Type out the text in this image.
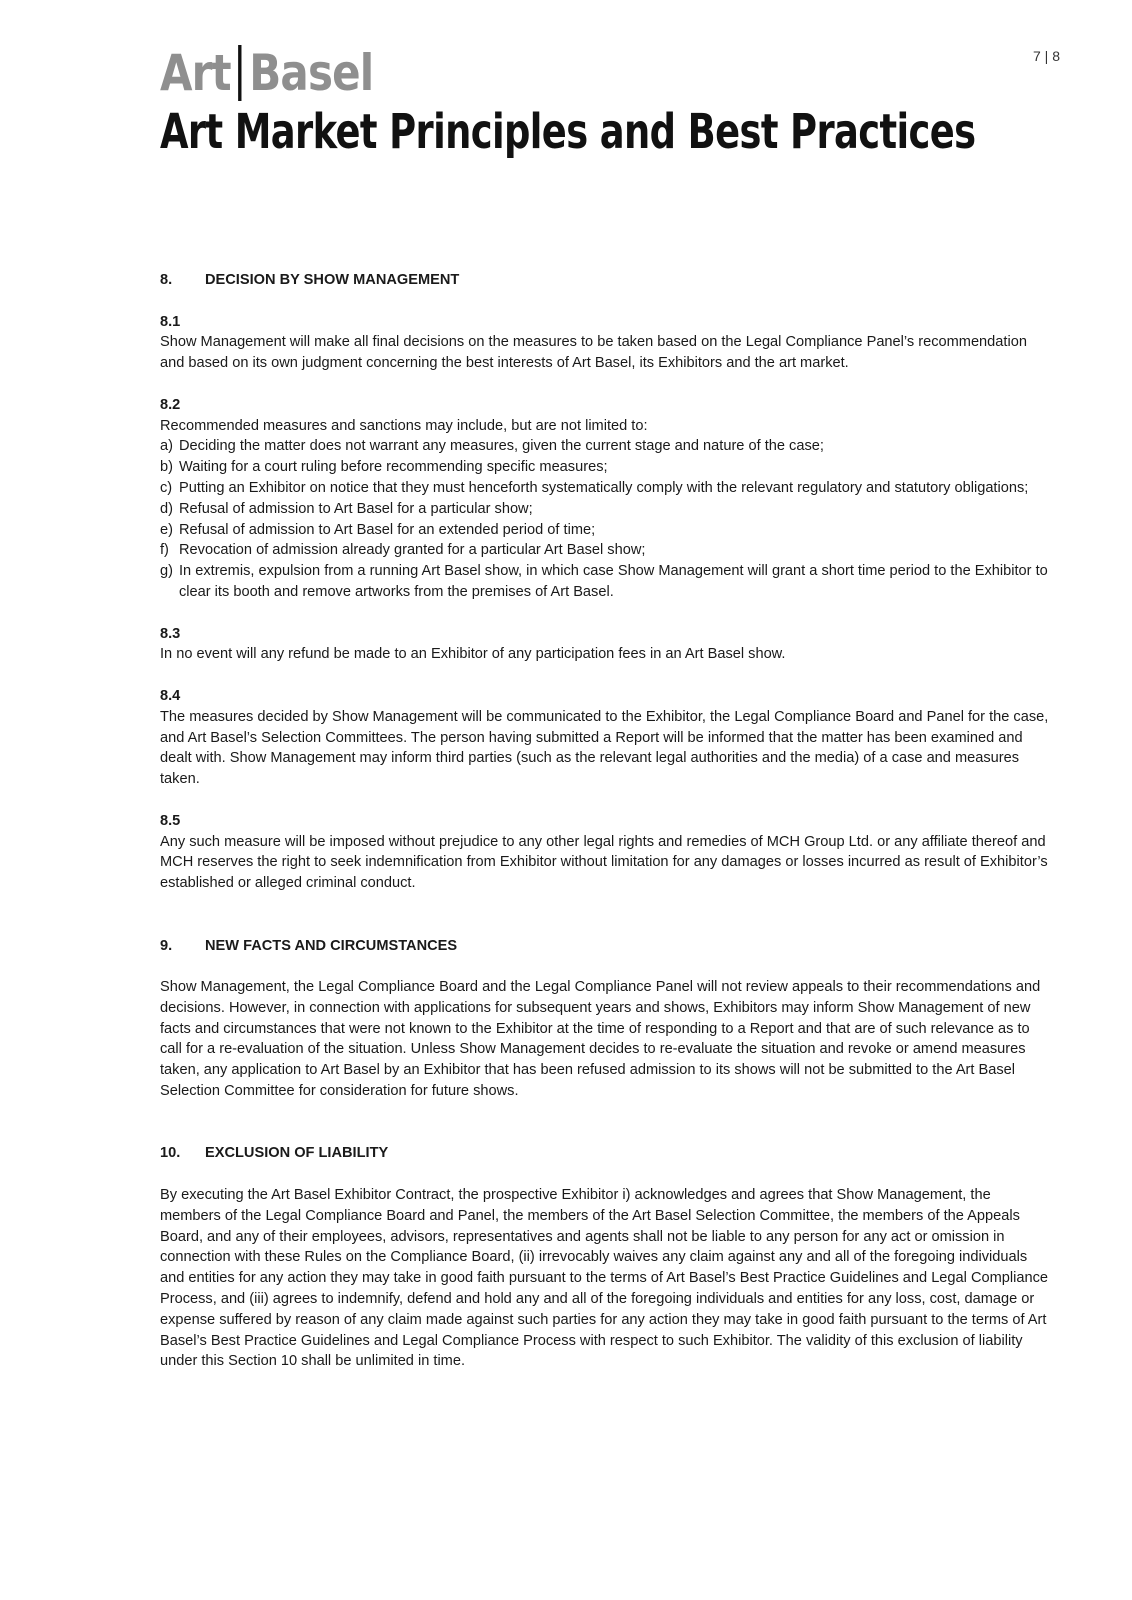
7 | 8
Art Basel
Art Market Principles and Best Practices
8. DECISION BY SHOW MANAGEMENT
8.1

Show Management will make all final decisions on the measures to be taken based on the Legal Compliance Panel’s recommendation and based on its own judgment concerning the best interests of Art Basel, its Exhibitors and the art market.

8.2

Recommended measures and sanctions may include, but are not limited to:

a) Deciding the matter does not warrant any measures, given the current stage and nature of the case;
b) Waiting for a court ruling before recommending specific measures;
c) Putting an Exhibitor on notice that they must henceforth systematically comply with the relevant regulatory and statutory obligations;
d) Refusal of admission to Art Basel for a particular show;
e) Refusal of admission to Art Basel for an extended period of time;
f) Revocation of admission already granted for a particular Art Basel show;
g) In extremis, expulsion from a running Art Basel show, in which case Show Management will grant a short time period to the Exhibitor to clear its booth and remove artworks from the premises of Art Basel.
8.3

In no event will any refund be made to an Exhibitor of any participation fees in an Art Basel show.

8.4

The measures decided by Show Management will be communicated to the Exhibitor, the Legal Compliance Board and Panel for the case, and Art Basel’s Selection Committees. The person having submitted a Report will be informed that the matter has been examined and dealt with. Show Management may inform third parties (such as the relevant legal authorities and the media) of a case and measures taken.

8.5

Any such measure will be imposed without prejudice to any other legal rights and remedies of MCH Group Ltd. or any affiliate thereof and MCH reserves the right to seek indemnification from Exhibitor without limitation for any damages or losses incurred as result of Exhibitor’s established or alleged criminal conduct.

9. NEW FACTS AND CIRCUMSTANCES

Show Management, the Legal Compliance Board and the Legal Compliance Panel will not review appeals to their recommendations and decisions. However, in connection with applications for subsequent years and shows, Exhibitors may inform Show Management of new facts and circumstances that were not known to the Exhibitor at the time of responding to a Report and that are of such relevance as to call for a re-evaluation of the situation. Unless Show Management decides to re-evaluate the situation and revoke or amend measures taken, any application to Art Basel by an Exhibitor that has been refused admission to its shows will not be submitted to the Art Basel Selection Committee for consideration for future shows.

10. EXCLUSION OF LIABILITY

By executing the Art Basel Exhibitor Contract, the prospective Exhibitor i) acknowledges and agrees that Show Management, the members of the Legal Compliance Board and Panel, the members of the Art Basel Selection Committee, the members of the Appeals Board, and any of their employees, advisors, representatives and agents shall not be liable to any person for any act or omission in connection with these Rules on the Compliance Board, (ii) irrevocably waives any claim against any and all of the foregoing individuals and entities for any action they may take in good faith pursuant to the terms of Art Basel’s Best Practice Guidelines and Legal Compliance Process, and (iii) agrees to indemnify, defend and hold any and all of the foregoing individuals and entities for any loss, cost, damage or expense suffered by reason of any claim made against such parties for any action they may take in good faith pursuant to the terms of Art Basel’s Best Practice Guidelines and Legal Compliance Process with respect to such Exhibitor. The validity of this exclusion of liability under this Section 10 shall be unlimited in time.
